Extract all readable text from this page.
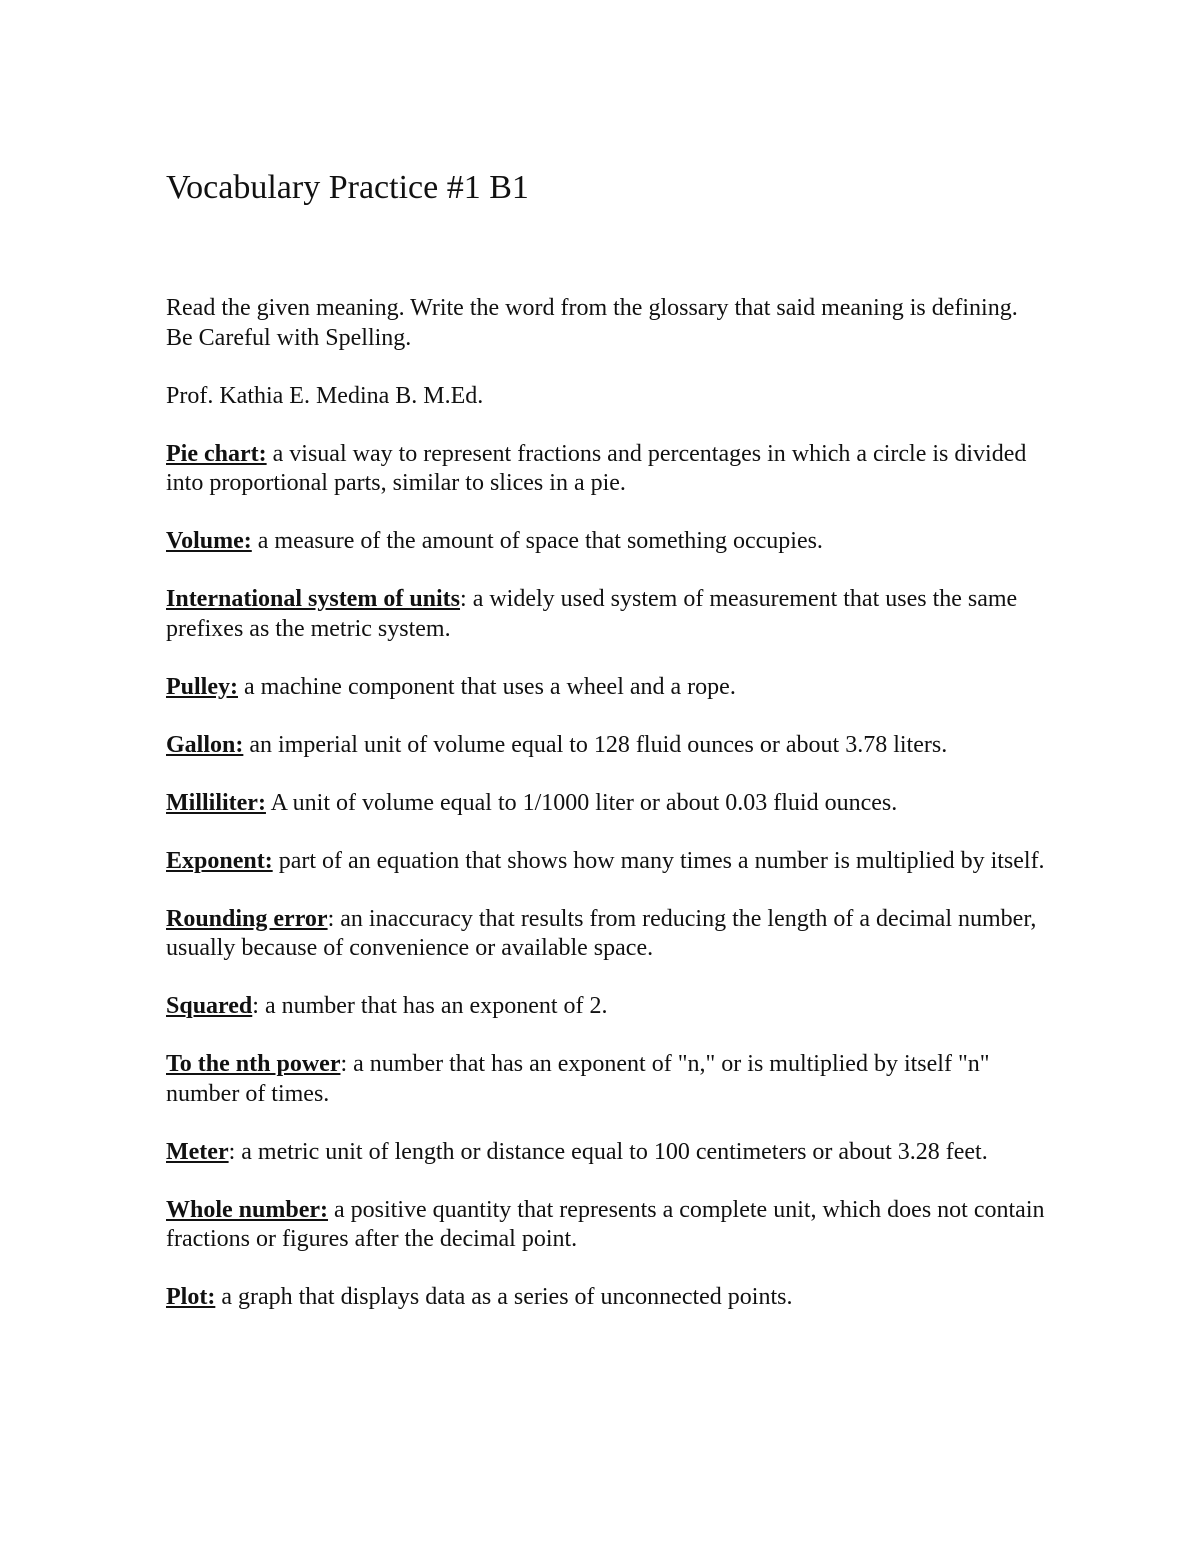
Vocabulary Practice #1 B1

Read the given meaning. Write the word from the glossary that said meaning is defining. Be Careful with Spelling.

Prof. Kathia E. Medina B. M.Ed.

Pie chart: a visual way to represent fractions and percentages in which a circle is divided into proportional parts, similar to slices in a pie.

Volume: a measure of the amount of space that something occupies.

International system of units: a widely used system of measurement that uses the same prefixes as the metric system.

Pulley: a machine component that uses a wheel and a rope.

Gallon: an imperial unit of volume equal to 128 fluid ounces or about 3.78 liters.

Milliliter: A unit of volume equal to 1/1000 liter or about 0.03 fluid ounces.

Exponent: part of an equation that shows how many times a number is multiplied by itself.

Rounding error: an inaccuracy that results from reducing the length of a decimal number, usually because of convenience or available space.

Squared: a number that has an exponent of 2.

To the nth power: a number that has an exponent of "n," or is multiplied by itself "n" number of times.

Meter: a metric unit of length or distance equal to 100 centimeters or about 3.28 feet.

Whole number: a positive quantity that represents a complete unit, which does not contain fractions or figures after the decimal point.

Plot: a graph that displays data as a series of unconnected points.
